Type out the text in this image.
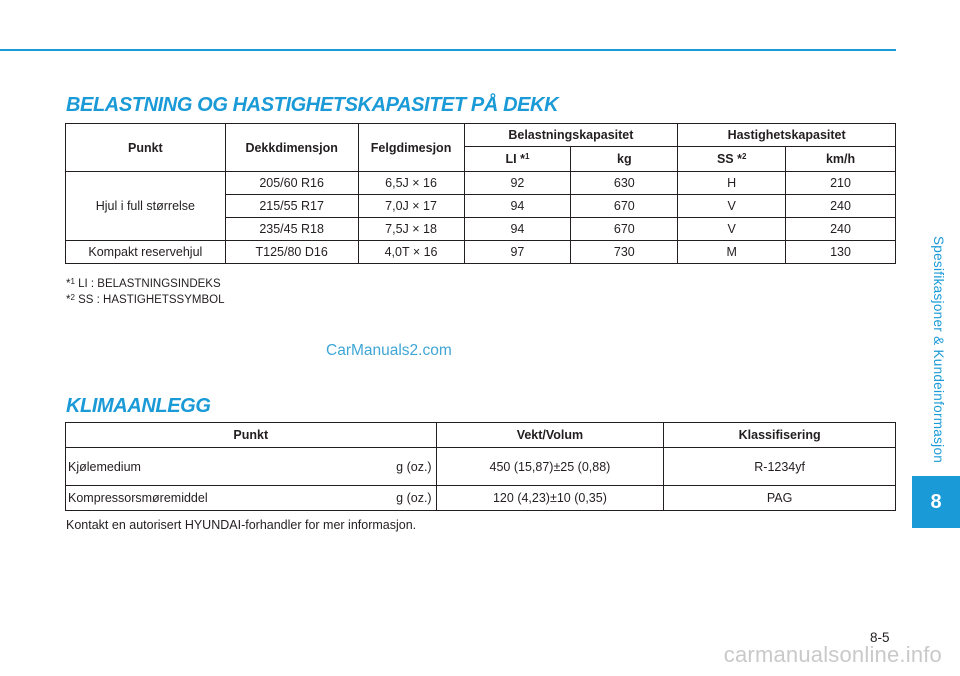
Spesifikasjoner & Kundeinformasjon
8
BELASTNING OG HASTIGHETSKAPASITET PÅ DEKK
Punkt	Dekkdimensjon	Felgdimesjon	Belastningskapasitet		Hastighetskapasitet	
			LI *$^1$	kg	SS *$^2$	km/h
Hjul i full størrelse	205/60 R16	6,5J × 16	92	630	H	210
	215/55 R17	7,0J × 17	94	670	V	240
	235/45 R18	7,5J × 18	94	670	V	240
Kompakt reservehjul	T125/80 D16	4,0T × 16	97	730	M	130
*$^1$ LI : BELASTNINGSINDEKS
*$^2$ SS : HASTIGHETSSYMBOL
CarManuals2.com
KLIMAANLEGG
Punkt	Vekt/Volum	Klassifisering

Kjølemedium g (oz.)	450 (15,87)±25 (0,88)	R-1234yf

Kompressorsmøremiddel g (oz.)	120 (4,23)±10 (0,35)	PAG
Kontakt en autorisert HYUNDAI-forhandler for mer informasjon.
8-5
carmanualsonline.info
